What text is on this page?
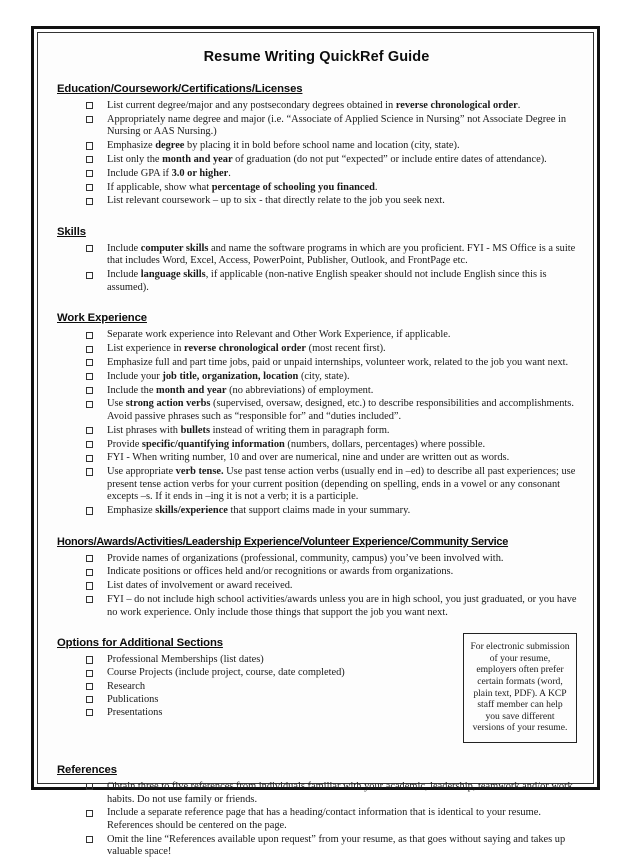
Resume Writing QuickRef Guide
Education/Coursework/Certifications/Licenses
List current degree/major and any postsecondary degrees obtained in reverse chronological order.
Appropriately name degree and major (i.e. “Associate of Applied Science in Nursing” not Associate Degree in Nursing or AAS Nursing.)
Emphasize degree by placing it in bold before school name and location (city, state).
List only the month and year of graduation (do not put “expected” or include entire dates of attendance).
Include GPA if 3.0 or higher.
If applicable, show what percentage of schooling you financed.
List relevant coursework – up to six - that directly relate to the job you seek next.
Skills
Include computer skills and name the software programs in which are you proficient. FYI - MS Office is a suite that includes Word, Excel, Access, PowerPoint, Publisher, Outlook, and FrontPage etc.
Include language skills, if applicable (non-native English speaker should not include English since this is assumed).
Work Experience
Separate work experience into Relevant and Other Work Experience, if applicable.
List experience in reverse chronological order (most recent first).
Emphasize full and part time jobs, paid or unpaid internships, volunteer work, related to the job you want next.
Include your job title, organization, location (city, state).
Include the month and year (no abbreviations) of employment.
Use strong action verbs (supervised, oversaw, designed, etc.) to describe responsibilities and accomplishments. Avoid passive phrases such as “responsible for” and “duties included”.
List phrases with bullets instead of writing them in paragraph form.
Provide specific/quantifying information (numbers, dollars, percentages) where possible.
FYI - When writing number, 10 and over are numerical, nine and under are written out as words.
Use appropriate verb tense. Use past tense action verbs (usually end in –ed) to describe all past experiences; use present tense action verbs for your current position (depending on spelling, ends in a vowel or any consonant excepts –s. If it ends in –ing it is not a verb; it is a participle.
Emphasize skills/experience that support claims made in your summary.
Honors/Awards/Activities/Leadership Experience/Volunteer Experience/Community Service
Provide names of organizations (professional, community, campus) you’ve been involved with.
Indicate positions or offices held and/or recognitions or awards from organizations.
List dates of involvement or award received.
FYI – do not include high school activities/awards unless you are in high school, you just graduated, or you have no work experience. Only include those things that support the job you want next.
For electronic submission of your resume, employers often prefer certain formats (word, plain text, PDF). A KCP staff member can help you save different versions of your resume.
Options for Additional Sections
Professional Memberships (list dates)
Course Projects (include project, course, date completed)
Research
Publications
Presentations
References
Obtain three to five references from individuals familiar with your academic, leadership, teamwork and/or work habits. Do not use family or friends.
Include a separate reference page that has a heading/contact information that is identical to your resume. References should be centered on the page.
Omit the line “References available upon request” from your resume, as that goes without saying and takes up valuable space!
